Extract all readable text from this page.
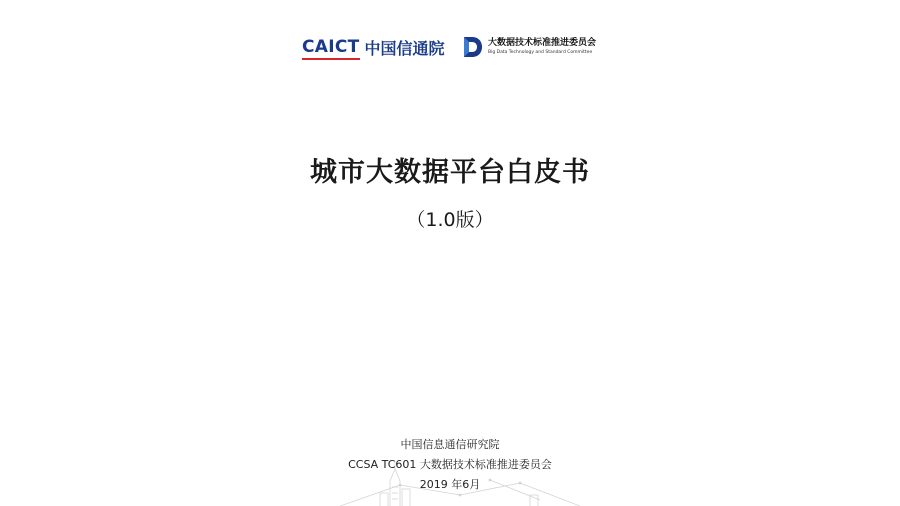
CAICT 中国信通院	大数据技术标准推进委员会
Big Data Technology and Standard Committee
城市大数据平台白皮书
（1.0版）
中国信息通信研究院
CCSA TC601 大数据技术标准推进委员会
2019 年6月
